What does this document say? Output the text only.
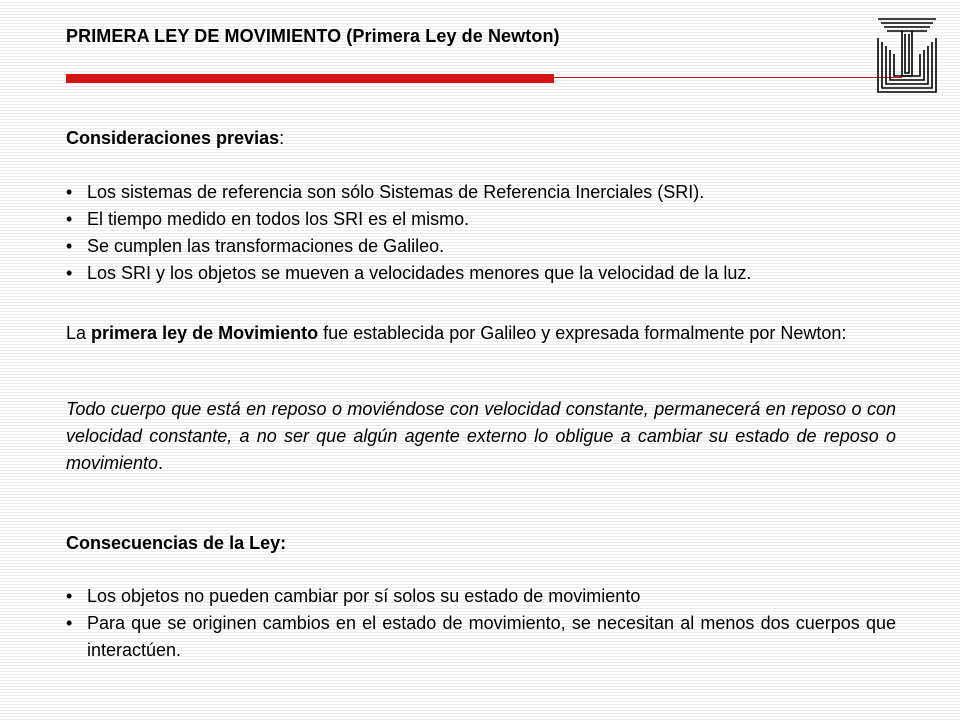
PRIMERA LEY DE MOVIMIENTO (Primera Ley de Newton)
Consideraciones previas:
• Los sistemas de referencia son sólo Sistemas de Referencia Inerciales (SRI).
• El tiempo medido en todos los SRI es el mismo.
• Se cumplen las transformaciones de Galileo.
• Los SRI y los objetos se mueven a velocidades menores que la velocidad de la luz.
La primera ley de Movimiento fue establecida por Galileo y expresada formalmente por Newton:
Todo cuerpo que está en reposo o moviéndose con velocidad constante, permanecerá en reposo o con velocidad constante, a no ser que algún agente externo lo obligue a cambiar su estado de reposo o movimiento.
Consecuencias de la Ley:
• Los objetos no pueden cambiar por sí solos su estado de movimiento
• Para que se originen cambios en el estado de movimiento, se necesitan al menos dos cuerpos que interactúen.
